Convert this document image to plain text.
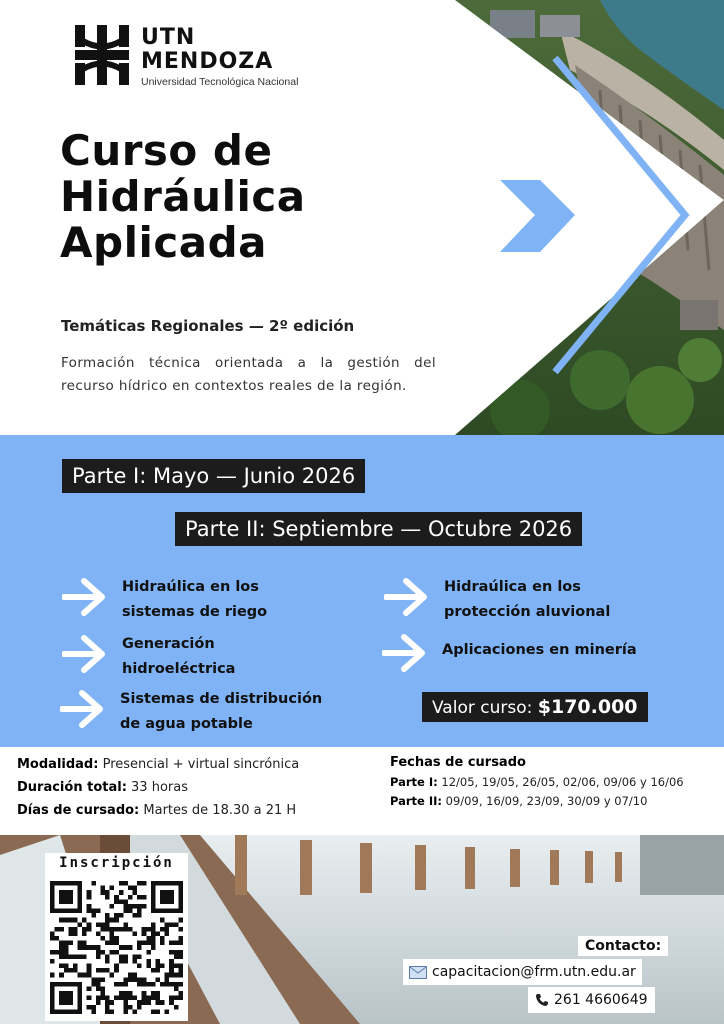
UTN
MENDOZA
Universidad Tecnológica Nacional
Curso de
Hidráulica
Aplicada
Temáticas Regionales — 2º edición
Formación técnica orientada a la gestión del recurso hídrico en contextos reales de la región.
Parte I: Mayo — Junio 2026
Parte II: Septiembre — Octubre 2026
Hidraúlica en los
sistemas de riego
Hidraúlica en los
protección aluvional
Generación
hidroeléctrica
Aplicaciones en minería
Sistemas de distribución
de agua potable
Valor curso: $170.000
Modalidad: Presencial + virtual sincrónica
Duración total: 33 horas
Días de cursado: Martes de 18.30 a 21 H
Fechas de cursado
Parte I: 12/05, 19/05, 26/05, 02/06, 09/06 y 16/06
Parte II: 09/09, 16/09, 23/09, 30/09 y 07/10
Inscripción
Contacto:
capacitacion@frm.utn.edu.ar
261 4660649
